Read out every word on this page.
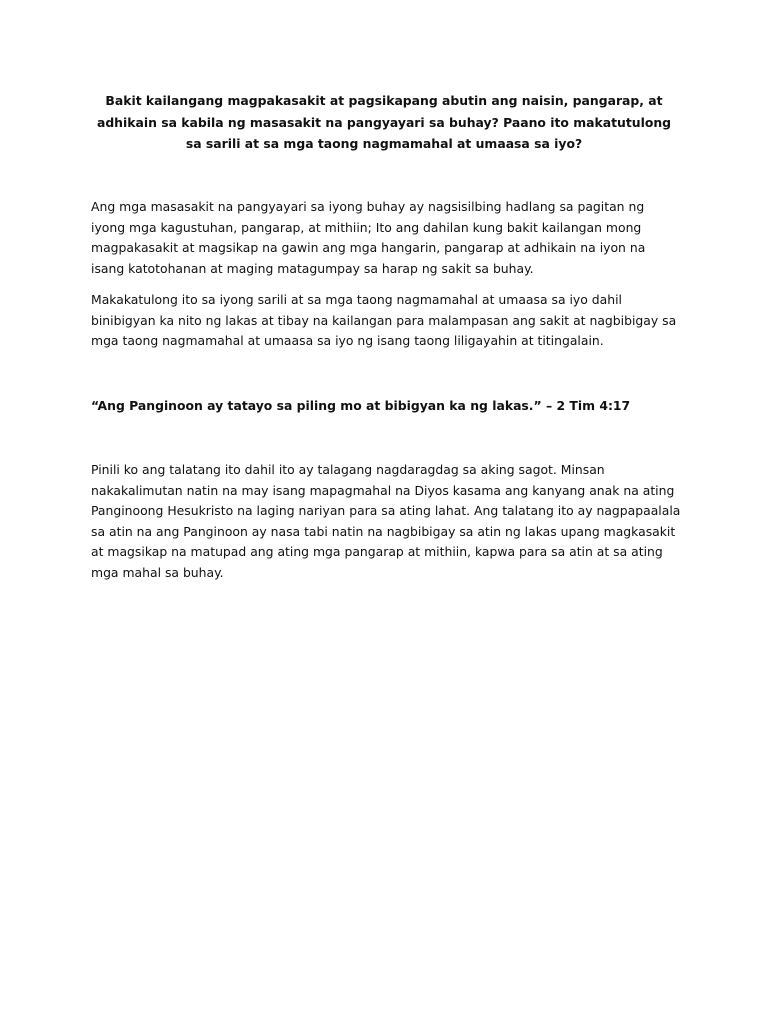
Bakit kailangang magpakasakit at pagsikapang abutin ang naisin, pangarap, at adhikain sa kabila ng masasakit na pangyayari sa buhay? Paano ito makatutulong sa sarili at sa mga taong nagmamahal at umaasa sa iyo?

Ang mga masasakit na pangyayari sa iyong buhay ay nagsisilbing hadlang sa pagitan ng iyong mga kagustuhan, pangarap, at mithiin; Ito ang dahilan kung bakit kailangan mong magpakasakit at magsikap na gawin ang mga hangarin, pangarap at adhikain na iyon na isang katotohanan at maging matagumpay sa harap ng sakit sa buhay.

Makakatulong ito sa iyong sarili at sa mga taong nagmamahal at umaasa sa iyo dahil binibigyan ka nito ng lakas at tibay na kailangan para malampasan ang sakit at nagbibigay sa mga taong nagmamahal at umaasa sa iyo ng isang taong liligayahin at titingalain.

“Ang Panginoon ay tatayo sa piling mo at bibigyan ka ng lakas.” – 2 Tim 4:17

Pinili ko ang talatang ito dahil ito ay talagang nagdaragdag sa aking sagot. Minsan nakakalimutan natin na may isang mapagmahal na Diyos kasama ang kanyang anak na ating Panginoong Hesukristo na laging nariyan para sa ating lahat. Ang talatang ito ay nagpapaalala sa atin na ang Panginoon ay nasa tabi natin na nagbibigay sa atin ng lakas upang magkasakit at magsikap na matupad ang ating mga pangarap at mithiin, kapwa para sa atin at sa ating mga mahal sa buhay.
